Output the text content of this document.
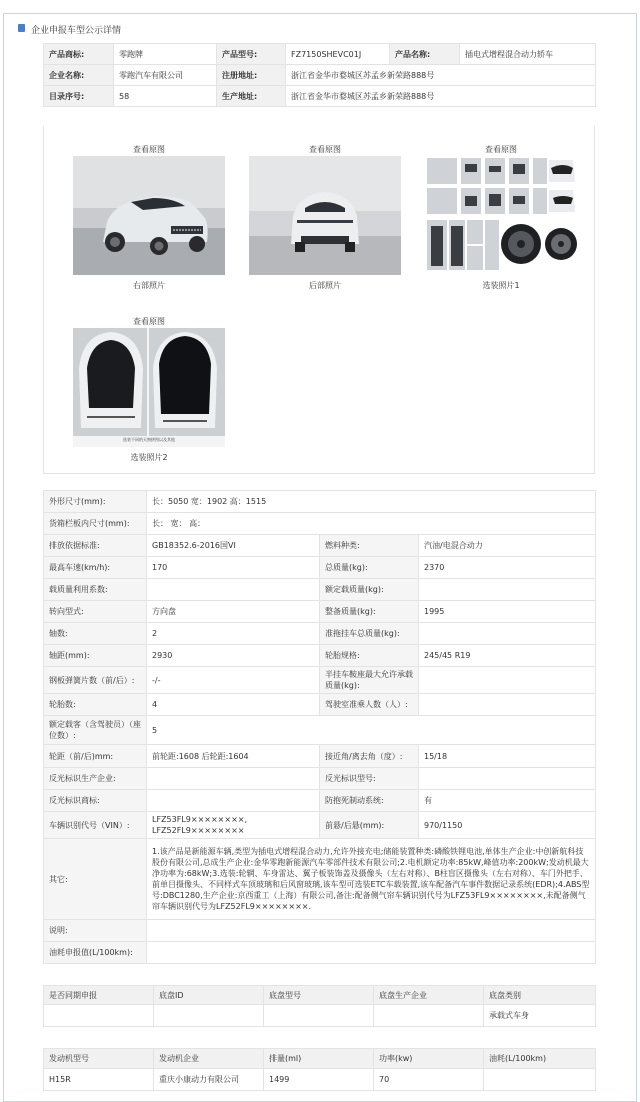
企业申报车型公示详情
产品商标:	零跑牌	产品型号:	FZ7150SHEVC01J	产品名称:	插电式增程混合动力轿车
企业名称:	零跑汽车有限公司	注册地址:	浙江省金华市婺城区苏孟乡新荣路888号		
目录序号:	58	生产地址:	浙江省金华市婺城区苏孟乡新荣路888号		
查看原图
右部照片
查看原图
后部照片
查看原图
选装照片1
查看原图
选装不同的天窗拼图以及其他
选装照片2
外形尺寸(mm):	长：5050 宽：1902 高：1515		
货箱栏板内尺寸(mm):	长： 宽： 高：		
排放依据标准:	GB18352.6-2016国VI	燃料种类:	汽油/电混合动力
最高车速(km/h):	170	总质量(kg):	2370
载质量利用系数:		额定载质量(kg):	
转向型式:	方向盘	整备质量(kg):	1995
轴数:	2	准拖挂车总质量(kg):	
轴距(mm):	2930	轮胎规格:	245/45 R19
钢板弹簧片数（前/后）:	-/-	半挂车鞍座最大允许承载质量(kg):	
轮胎数:	4	驾驶室准乘人数（人）:	
额定载客（含驾驶员）（座位数）:	5		
轮距（前/后)mm:	前轮距:1608 后轮距:1604	接近角/离去角（度）:	15/18
反光标识生产企业:		反光标识型号:	
反光标识商标:		防抱死制动系统:	有
车辆识别代号（VIN）:	LFZ53FL9××××××××, LFZ52FL9××××××××	前悬/后悬(mm):	970/1150
其它:	1.该产品是新能源车辆,类型为插电式增程混合动力,允许外接充电;储能装置种类:磷酸铁锂电池,单体生产企业:中创新航科技股份有限公司,总成生产企业:金华零跑新能源汽车零部件技术有限公司;2.电机额定功率:85kW,峰值功率:200kW;发动机最大净功率为:68kW;3.选装:轮辋、车身雷达、翼子板装饰盖及摄像头（左右对称）、B柱盲区摄像头（左右对称）、车门外把手、前单目摄像头、不同样式车顶玻璃和后风窗玻璃,该车型可选装ETC车载装置,该车配备汽车事件数据记录系统(EDR);4.ABS型号:DBC1280,生产企业:京西重工（上海）有限公司,备注:配备侧气帘车辆识别代号为LFZ53FL9××××××××,未配备侧气帘车辆识别代号为LFZ52FL9××××××××.		
说明:			
油耗申报值(L/100km):			
是否同期申报	底盘ID	底盘型号	底盘生产企业	底盘类别
				承载式车身
发动机型号	发动机企业	排量(ml)	功率(kw)	油耗(L/100km)
H15R	重庆小康动力有限公司	1499	70	
